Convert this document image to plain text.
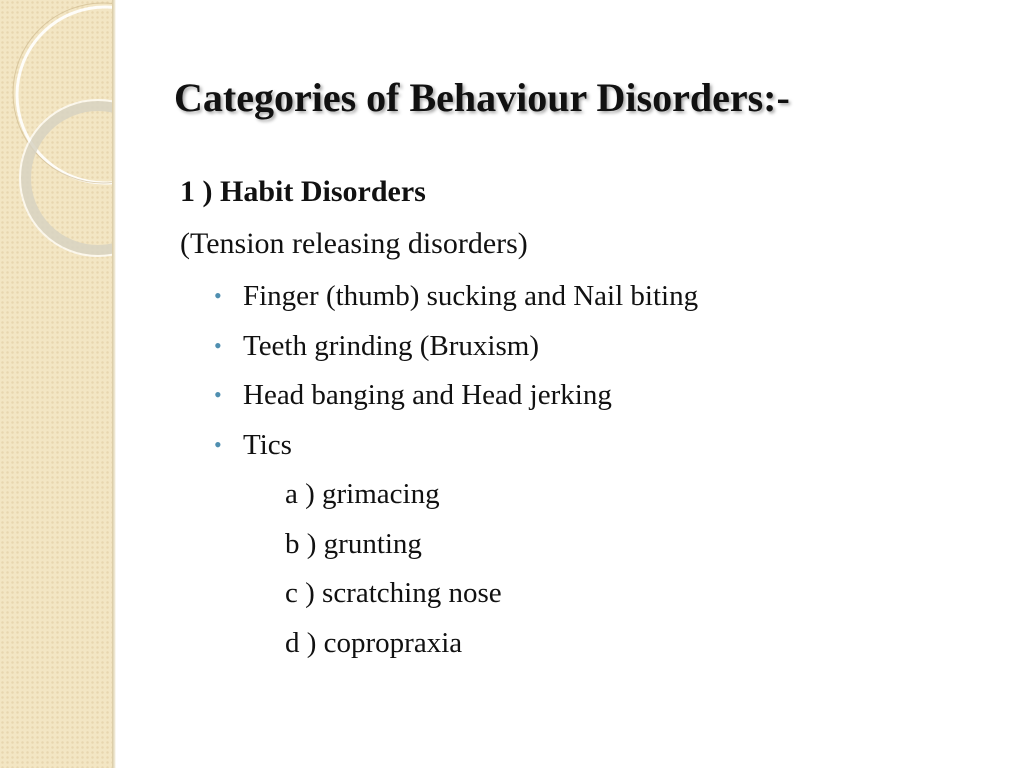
Categories of Behaviour Disorders:-

1 ) Habit Disorders

(Tension releasing disorders)

• Finger (thumb) sucking and Nail biting
• Teeth grinding (Bruxism)
• Head banging and Head jerking
• Tics
a ) grimacing
b ) grunting
c ) scratching nose
d ) copropraxia
